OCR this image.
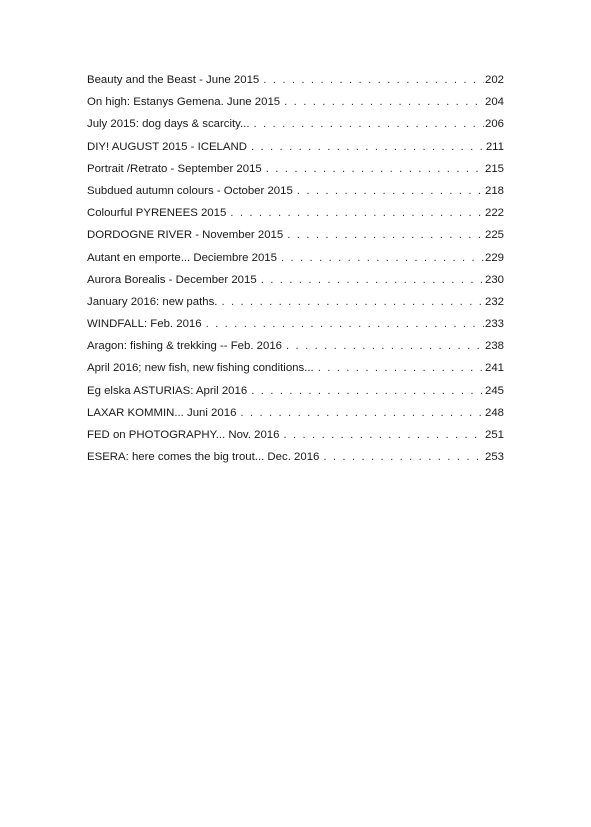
Beauty and the Beast - June 2015 . . .	202
On high: Estanys Gemena. June 2015 . . .	204
July 2015: dog days & scarcity... . . .	206
DIY! AUGUST 2015 - ICELAND . . .	211
Portrait /Retrato - September 2015 . . .	215
Subdued autumn colours - October 2015 . . .	218
Colourful PYRENEES 2015 . . .	222
DORDOGNE RIVER - November 2015 . . .	225
Autant en emporte... Deciembre 2015 . . .	229
Aurora Borealis - December 2015 . . .	230
January 2016: new paths. . . .	232
WINDFALL: Feb. 2016 . . .	233
Aragon: fishing & trekking -- Feb. 2016 . . .	238
April 2016; new fish, new fishing conditions... . . .	241
Eg elska ASTURIAS: April 2016 . . .	245
LAXAR KOMMIN... Juni 2016 . . .	248
FED on PHOTOGRAPHY... Nov. 2016 . . .	251
ESERA: here comes the big trout... Dec. 2016 . . .	253
